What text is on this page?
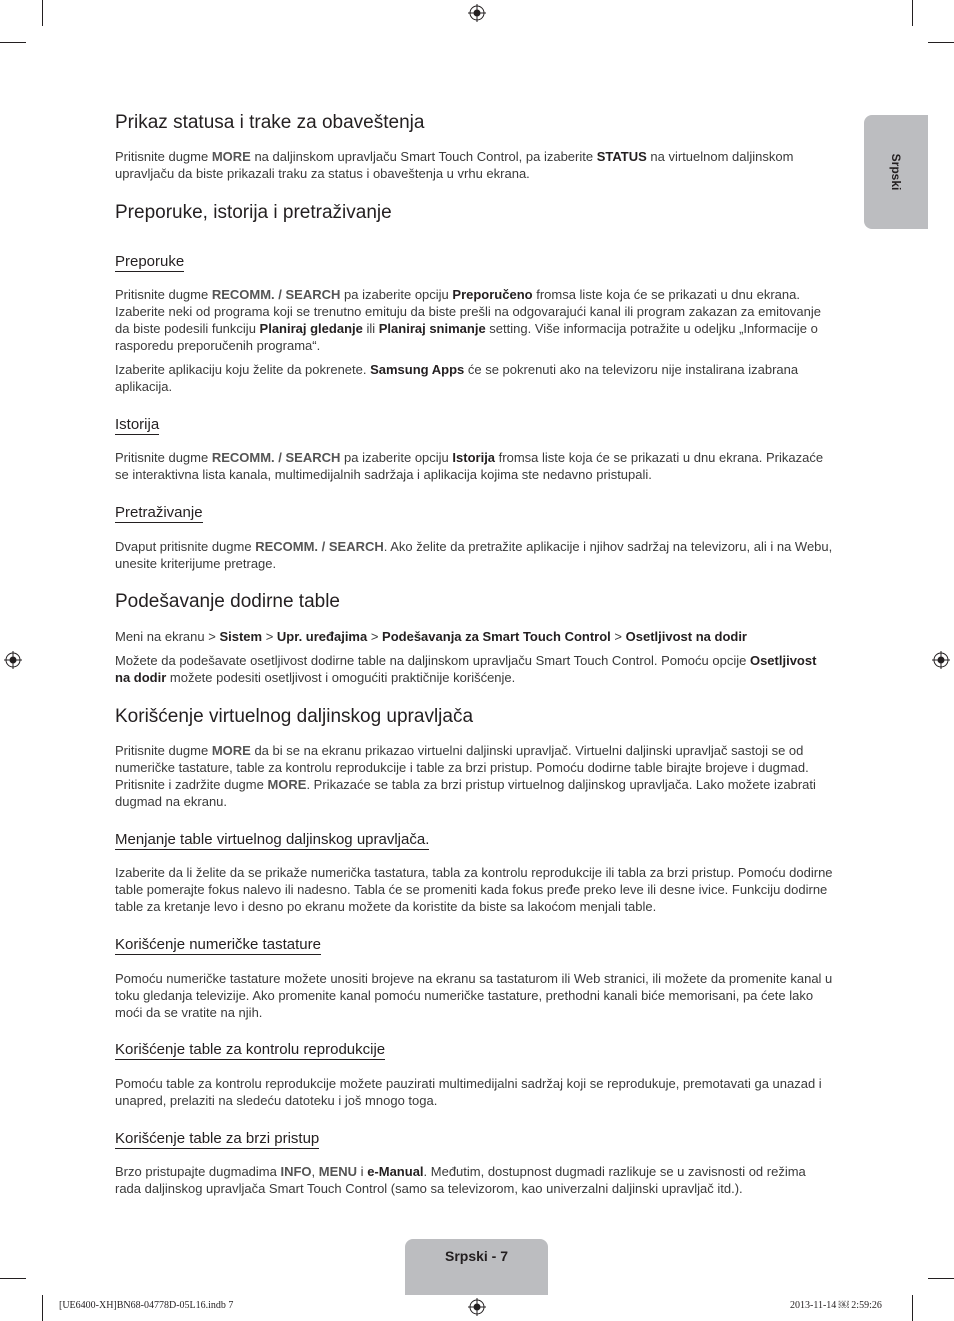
Srpski
Prikaz statusa i trake za obaveštenja

Pritisnite dugme MORE na daljinskom upravljaču Smart Touch Control, pa izaberite STATUS na virtuelnom daljinskom upravljaču da biste prikazali traku za status i obaveštenja u vrhu ekrana.

Preporuke, istorija i pretraživanje
Preporuke

Pritisnite dugme RECOMM. / SEARCH pa izaberite opciju Preporučeno fromsa liste koja će se prikazati u dnu ekrana. Izaberite neki od programa koji se trenutno emituju da biste prešli na odgovarajući kanal ili program zakazan za emitovanje da biste podesili funkciju Planiraj gledanje ili Planiraj snimanje setting. Više informacija potražite u odeljku „Informacije o rasporedu preporučenih programa“.

Izaberite aplikaciju koju želite da pokrenete. Samsung Apps će se pokrenuti ako na televizoru nije instalirana izabrana aplikacija.

Istorija

Pritisnite dugme RECOMM. / SEARCH pa izaberite opciju Istorija fromsa liste koja će se prikazati u dnu ekrana. Prikazaće se interaktivna lista kanala, multimedijalnih sadržaja i aplikacija kojima ste nedavno pristupali.

Pretraživanje

Dvaput pritisnite dugme RECOMM. / SEARCH. Ako želite da pretražite aplikacije i njihov sadržaj na televizoru, ali i na Webu, unesite kriterijume pretrage.

Podešavanje dodirne table

Meni na ekranu > Sistem > Upr. uređajima > Podešavanja za Smart Touch Control > Osetljivost na dodir

Možete da podešavate osetljivost dodirne table na daljinskom upravljaču Smart Touch Control. Pomoću opcije Osetljivost na dodir možete podesiti osetljivost i omogućiti praktičnije korišćenje.

Korišćenje virtuelnog daljinskog upravljača

Pritisnite dugme MORE da bi se na ekranu prikazao virtuelni daljinski upravljač. Virtuelni daljinski upravljač sastoji se od numeričke tastature, table za kontrolu reprodukcije i table za brzi pristup. Pomoću dodirne table birajte brojeve i dugmad. Pritisnite i zadržite dugme MORE. Prikazaće se tabla za brzi pristup virtuelnog daljinskog upravljača. Lako možete izabrati dugmad na ekranu.

Menjanje table virtuelnog daljinskog upravljača.

Izaberite da li želite da se prikaže numerička tastatura, tabla za kontrolu reprodukcije ili tabla za brzi pristup. Pomoću dodirne table pomerajte fokus nalevo ili nadesno. Tabla će se promeniti kada fokus pređe preko leve ili desne ivice. Funkciju dodirne table za kretanje levo i desno po ekranu možete da koristite da biste sa lakoćom menjali table.

Korišćenje numeričke tastature

Pomoću numeričke tastature možete unositi brojeve na ekranu sa tastaturom ili Web stranici, ili možete da promenite kanal u toku gledanja televizije. Ako promenite kanal pomoću numeričke tastature, prethodni kanali biće memorisani, pa ćete lako moći da se vratite na njih.

Korišćenje table za kontrolu reprodukcije

Pomoću table za kontrolu reprodukcije možete pauzirati multimedijalni sadržaj koji se reprodukuje, premotavati ga unazad i unapred, prelaziti na sledeću datoteku i još mnogo toga.

Korišćenje table za brzi pristup

Brzo pristupajte dugmadima INFO, MENU i e-Manual. Međutim, dostupnost dugmadi razlikuje se u zavisnosti od režima rada daljinskog upravljača Smart Touch Control (samo sa televizorom, kao univerzalni daljinski upravljač itd.).

Srpski - 7
[UE6400-XH]BN68-04778D-05L16.indb 7	2013-11-14 ￼ 2:59:26
